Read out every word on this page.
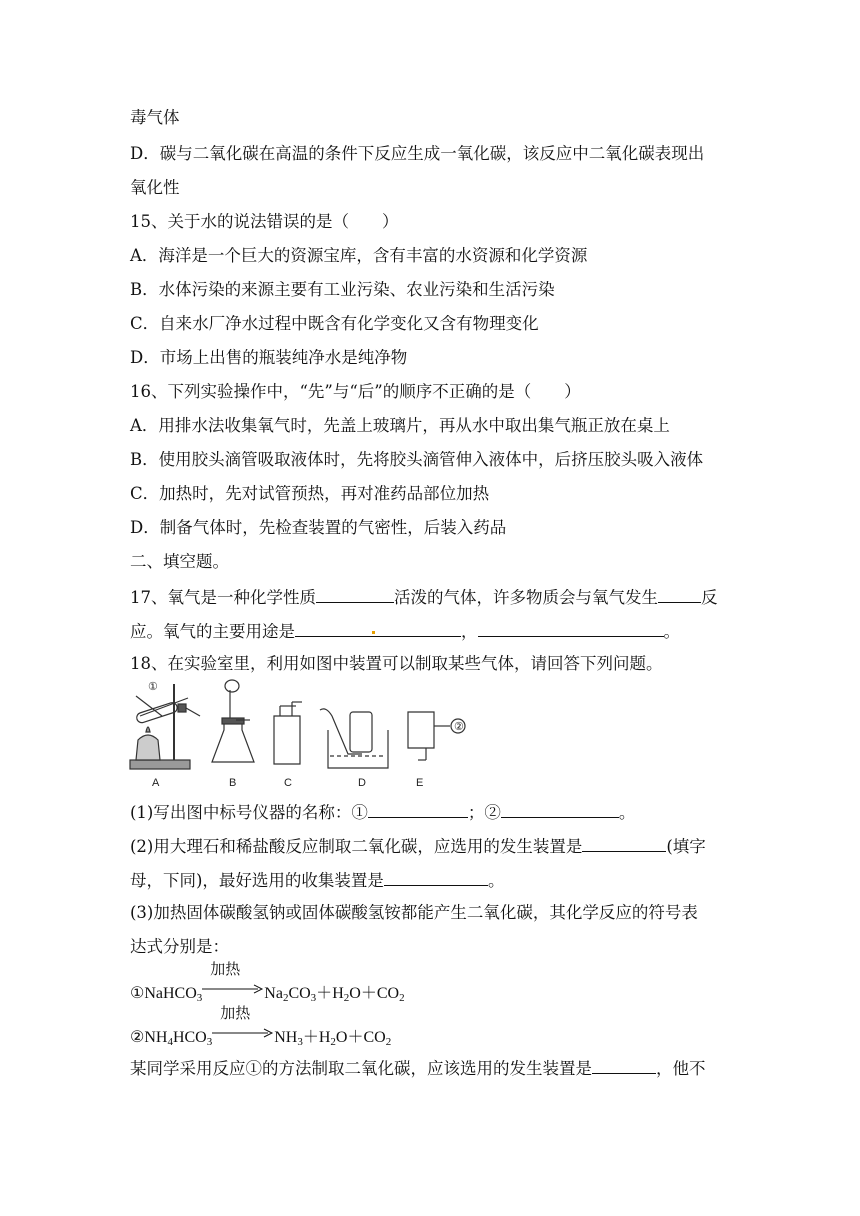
毒气体
D．碳与二氧化碳在高温的条件下反应生成一氧化碳，该反应中二氧化碳表现出
氧化性
15、关于水的说法错误的是（　　）
A．海洋是一个巨大的资源宝库，含有丰富的水资源和化学资源
B．水体污染的来源主要有工业污染、农业污染和生活污染
C．自来水厂净水过程中既含有化学变化又含有物理变化
D．市场上出售的瓶装纯净水是纯净物
16、下列实验操作中，“先”与“后”的顺序不正确的是（　　）
A．用排水法收集氧气时，先盖上玻璃片，再从水中取出集气瓶正放在桌上
B．使用胶头滴管吸取液体时，先将胶头滴管伸入液体中，后挤压胶头吸入液体
C．加热时，先对试管预热，再对准药品部位加热
D．制备气体时，先检查装置的气密性，后装入药品
二、填空题。
17、氧气是一种化学性质	活泼的气体，许多物质会与氧气发生	反
应。氧气的主要用途是	，	。
18、在实验室里，利用如图中装置可以制取某些气体，请回答下列问题。
A
①
B	C	D	E
②
(1)写出图中标号仪器的名称：①	；②	。
(2)用大理石和稀盐酸反应制取二氧化碳，应选用的发生装置是	(填字
母，下同)，最好选用的收集装置是	。
(3)加热固体碳酸氢钠或固体碳酸氢铵都能产生二氧化碳，其化学反应的符号表
达式分别是：
①NaHCO$_3$
加热
$Na_2CO_3+H_2O+CO_2$
$②NH_4HCO_3$
加热
$NH_3+H_2O+CO_2$
某同学采用反应①的方法制取二氧化碳，应该选用的发生装置是	，他不
